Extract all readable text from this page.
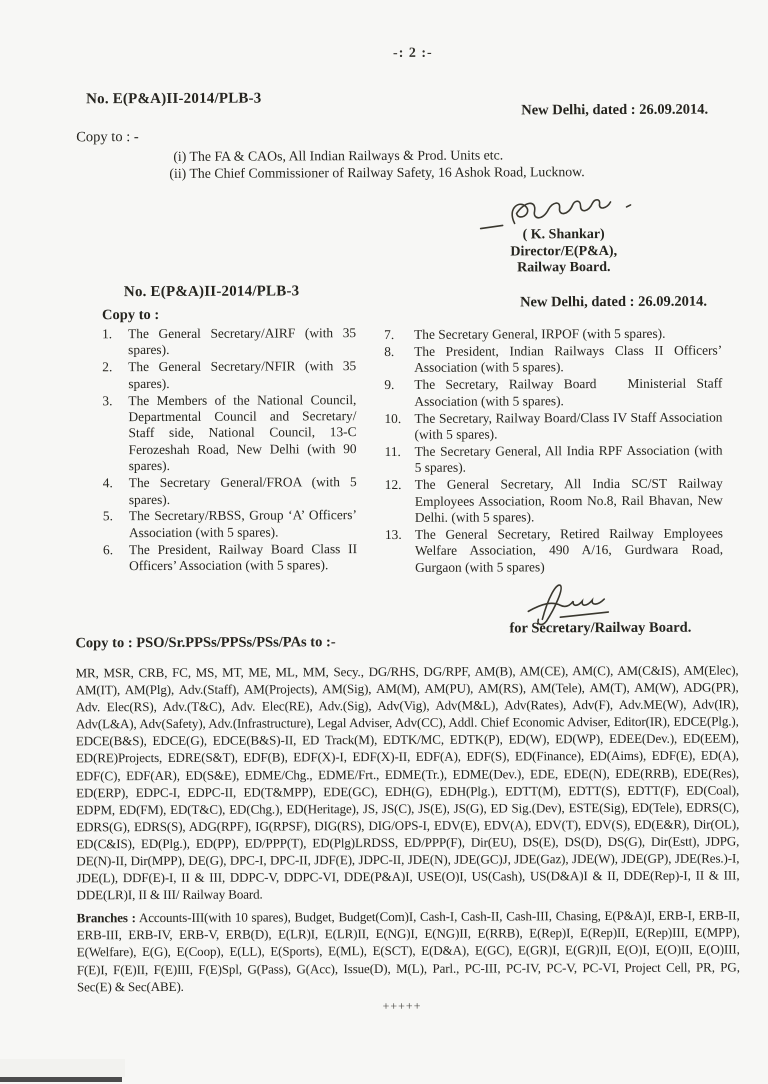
-: 2 :-
No. E(P&A)II-2014/PLB-3
New Delhi, dated : 26.09.2014.
Copy to : -
(i) The FA & CAOs, All Indian Railways & Prod. Units etc.
(ii) The Chief Commissioner of Railway Safety, 16 Ashok Road, Lucknow.
( K. Shankar)
Director/E(P&A),
Railway Board.
No. E(P&A)II-2014/PLB-3
New Delhi, dated : 26.09.2014.
Copy to :
1.	The General Secretary/AIRF (with 35 spares).
2.	The General Secretary/NFIR (with 35 spares).
3.	The Members of the National Council, Departmental Council and Secretary/ Staff side, National Council, 13-C Ferozeshah Road, New Delhi (with 90 spares).
4.	The Secretary General/FROA (with 5 spares).
5.	The Secretary/RBSS, Group ‘A’ Officers’ Association (with 5 spares).
6.	The President, Railway Board Class II Officers’ Association (with 5 spares).
7.	The Secretary General, IRPOF (with 5 spares).
8.	The President, Indian Railways Class II Officers’ Association (with 5 spares).
9.	The Secretary, Railway Board   Ministerial Staff Association (with 5 spares).
10. The Secretary, Railway Board/Class IV Staff Association (with 5 spares).
11.	The Secretary General, All India RPF Association (with 5 spares).
12. The General Secretary, All India SC/ST Railway Employees Association, Room No.8, Rail Bhavan, New Delhi. (with 5 spares).
13. The General Secretary, Retired Railway Employees Welfare Association, 490 A/16, Gurdwara Road, Gurgaon (with 5 spares)
for Secretary/Railway Board.
Copy to : PSO/Sr.PPSs/PPSs/PSs/PAs to :-
MR, MSR, CRB, FC, MS, MT, ME, ML, MM, Secy., DG/RHS, DG/RPF, AM(B), AM(CE), AM(C), AM(C&IS), AM(Elec), AM(IT), AM(Plg), Adv.(Staff), AM(Projects), AM(Sig), AM(M), AM(PU), AM(RS), AM(Tele), AM(T), AM(W), ADG(PR), Adv. Elec(RS), Adv.(T&C), Adv. Elec(RE), Adv.(Sig), Adv(Vig), Adv(M&L), Adv(Rates), Adv(F), Adv.ME(W), Adv(IR), Adv(L&A), Adv(Safety), Adv.(Infrastructure), Legal Adviser, Adv(CC), Addl. Chief Economic Adviser, Editor(IR), EDCE(Plg.), EDCE(B&S), EDCE(G), EDCE(B&S)-II, ED Track(M), EDTK/MC, EDTK(P), ED(W), ED(WP), EDEE(Dev.), ED(EEM), ED(RE)Projects, EDRE(S&T), EDF(B), EDF(X)-I, EDF(X)-II, EDF(A), EDF(S), ED(Finance), ED(Aims), EDF(E), ED(A), EDF(C), EDF(AR), ED(S&E), EDME/Chg., EDME/Frt., EDME(Tr.), EDME(Dev.), EDE, EDE(N), EDE(RRB), EDE(Res), ED(ERP), EDPC-I, EDPC-II, ED(T&MPP), EDE(GC), EDH(G), EDH(Plg.), EDTT(M), EDTT(S), EDTT(F), ED(Coal), EDPM, ED(FM), ED(T&C), ED(Chg.), ED(Heritage), JS, JS(C), JS(E), JS(G), ED Sig.(Dev), ESTE(Sig), ED(Tele), EDRS(C), EDRS(G), EDRS(S), ADG(RPF), IG(RPSF), DIG(RS), DIG/OPS-I, EDV(E), EDV(A), EDV(T), EDV(S), ED(E&R), Dir(OL), ED(C&IS), ED(Plg.), ED(PP), ED/PPP(T), ED(Plg)LRDSS, ED/PPP(F), Dir(EU), DS(E), DS(D), DS(G), Dir(Estt), JDPG, DE(N)-II, Dir(MPP), DE(G), DPC-I, DPC-II, JDF(E), JDPC-II, JDE(N), JDE(GC)J, JDE(Gaz), JDE(W), JDE(GP), JDE(Res.)-I, JDE(L), DDF(E)-I, II & III, DDPC-V, DDPC-VI, DDE(P&A)I, USE(O)I, US(Cash), US(D&A)I & II, DDE(Rep)-I, II & III, DDE(LR)I, II & III/ Railway Board.
Branches : Accounts-III(with 10 spares), Budget, Budget(Com)I, Cash-I, Cash-II, Cash-III, Chasing, E(P&A)I, ERB-I, ERB-II, ERB-III, ERB-IV, ERB-V, ERB(D), E(LR)I, E(LR)II, E(NG)I, E(NG)II, E(RRB), E(Rep)I, E(Rep)II, E(Rep)III, E(MPP), E(Welfare), E(G), E(Coop), E(LL), E(Sports), E(ML), E(SCT), E(D&A), E(GC), E(GR)I, E(GR)II, E(O)I, E(O)II, E(O)III, F(E)I, F(E)II, F(E)III, F(E)Spl, G(Pass), G(Acc), Issue(D), M(L), Parl., PC-III, PC-IV, PC-V, PC-VI, Project Cell, PR, PG, Sec(E) & Sec(ABE).
+++++
